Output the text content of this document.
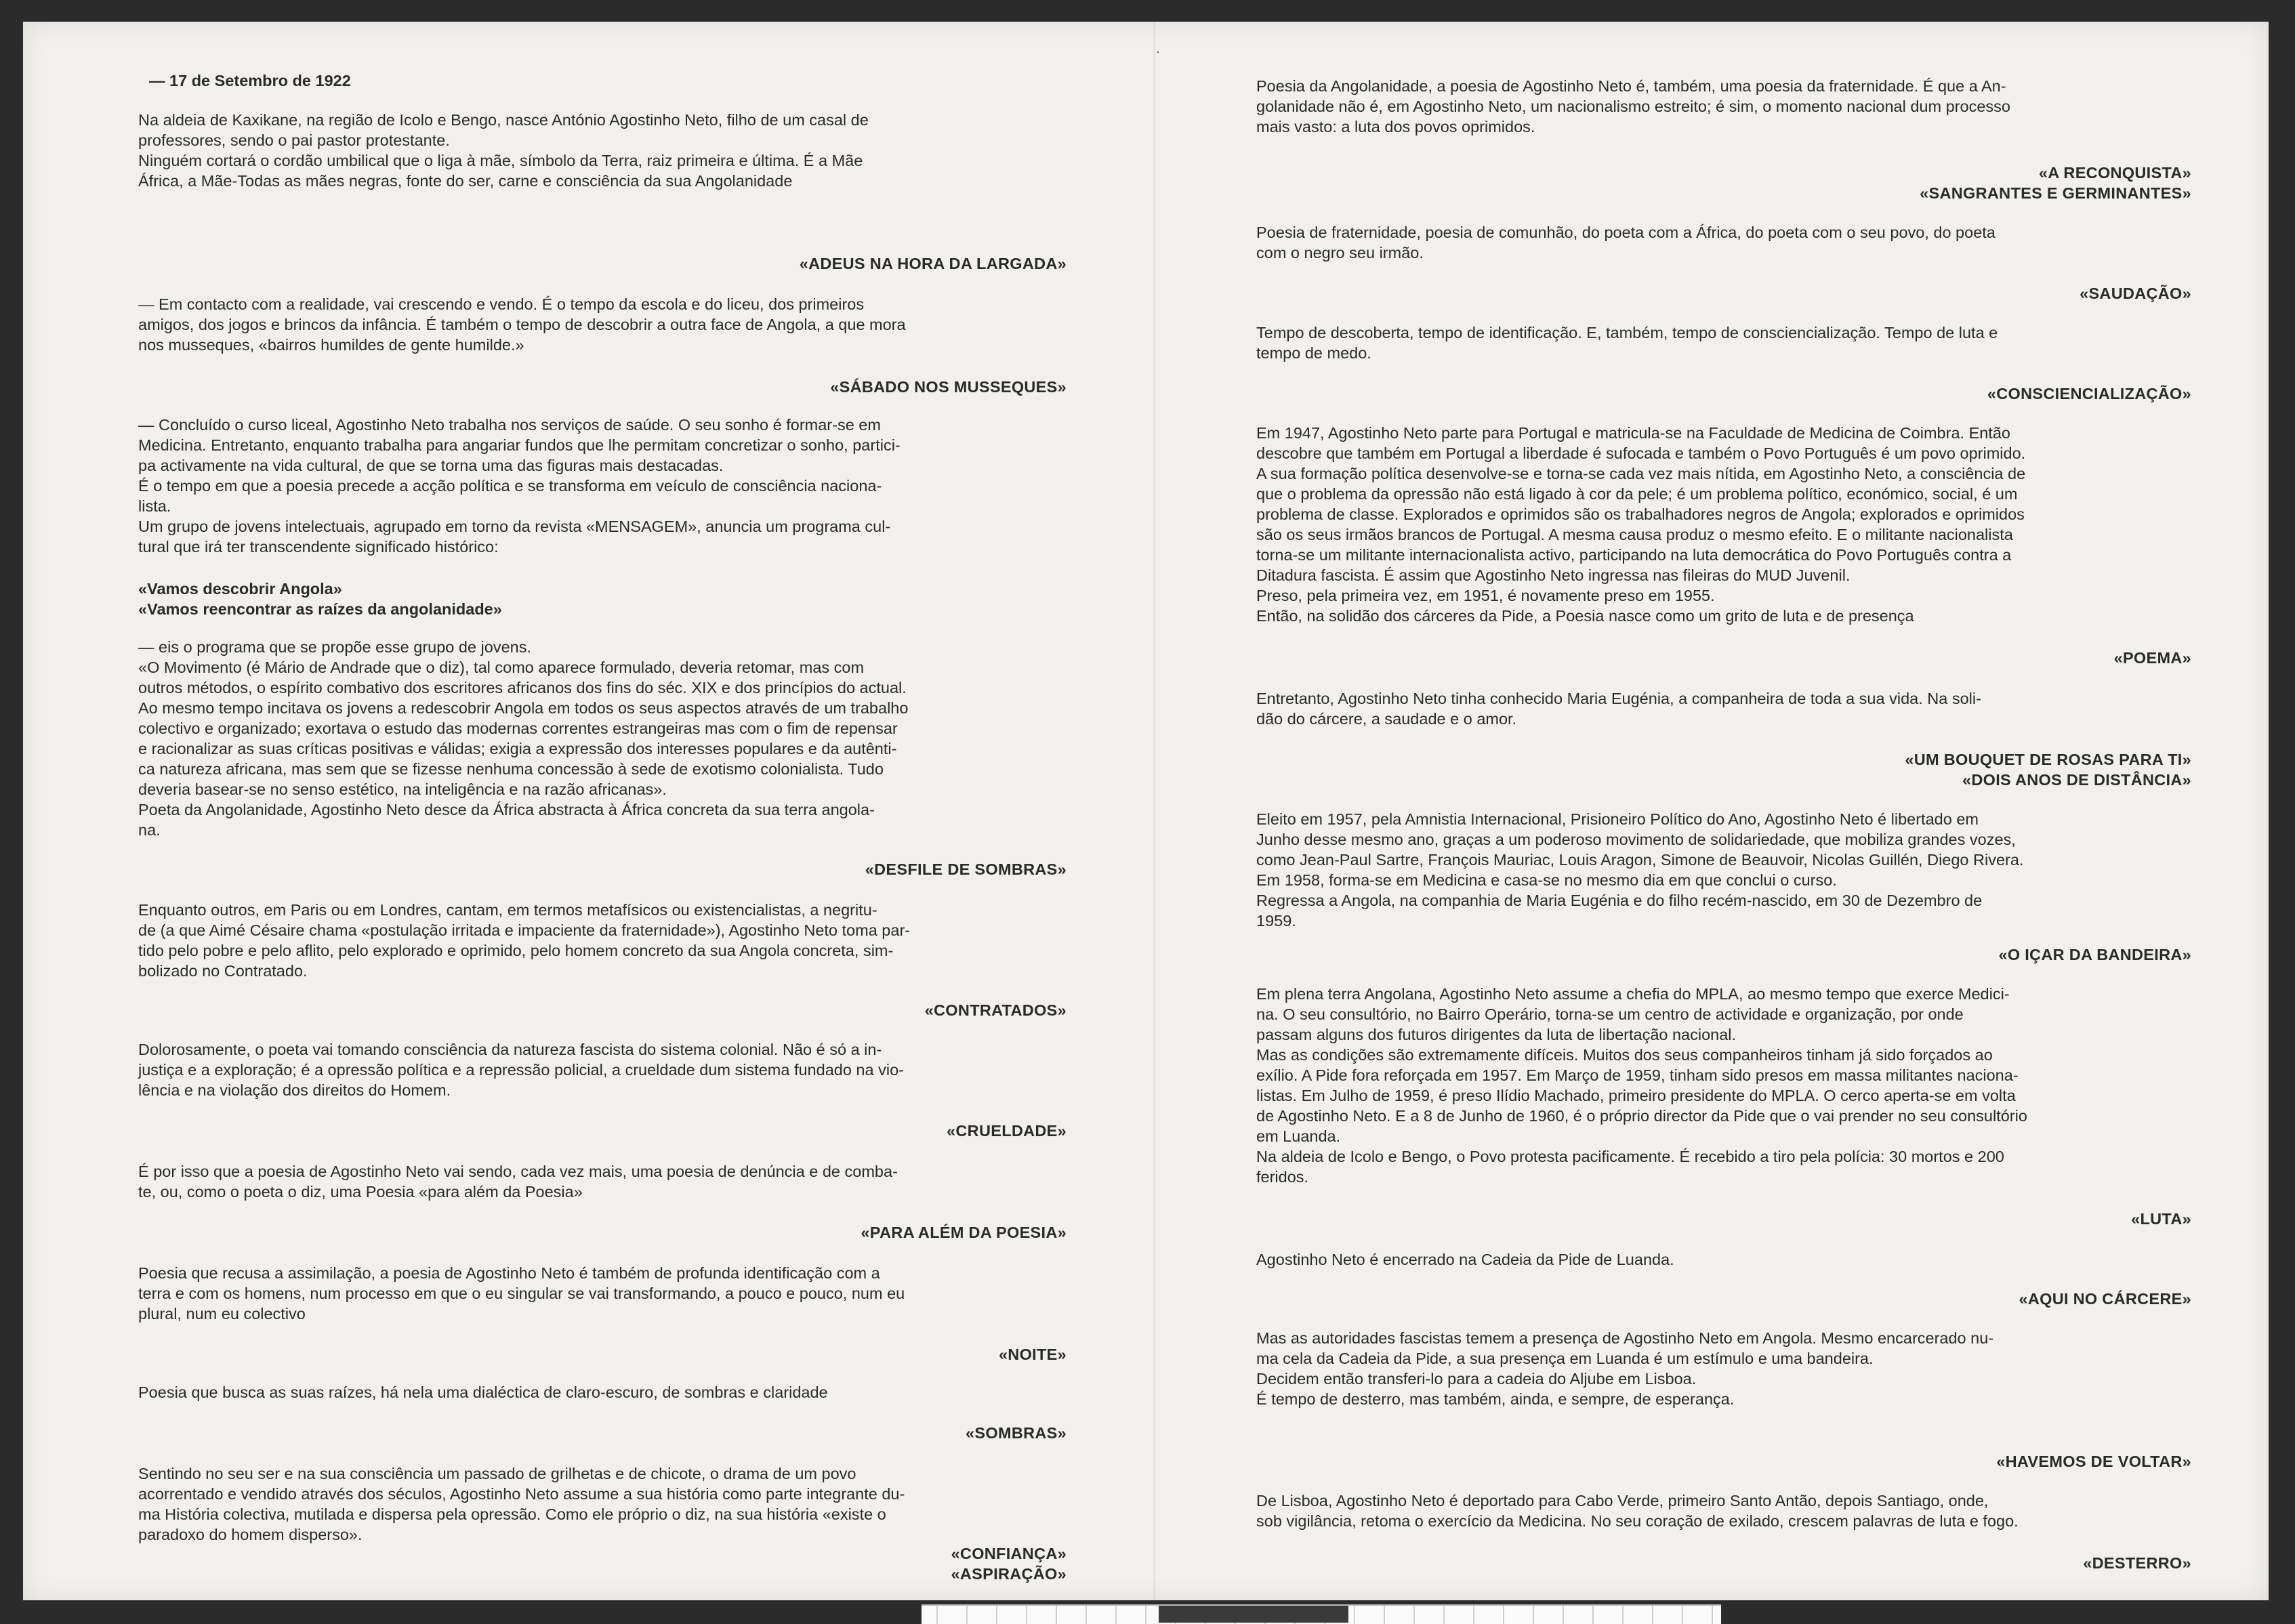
·
— 17 de Setembro de 1922
Na aldeia de Kaxikane, na região de Icolo e Bengo, nasce António Agostinho Neto, filho de um casal de
professores, sendo o pai pastor protestante.
Ninguém cortará o cordão umbilical que o liga à mãe, símbolo da Terra, raiz primeira e última. É a Mãe
África, a Mãe-Todas as mães negras, fonte do ser, carne e consciência da sua Angolanidade
«ADEUS NA HORA DA LARGADA»
— Em contacto com a realidade, vai crescendo e vendo. É o tempo da escola e do liceu, dos primeiros
amigos, dos jogos e brincos da infância. É também o tempo de descobrir a outra face de Angola, a que mora
nos musseques, «bairros humildes de gente humilde.»
«SÁBADO NOS MUSSEQUES»
— Concluído o curso liceal, Agostinho Neto trabalha nos serviços de saúde. O seu sonho é formar-se em
Medicina. Entretanto, enquanto trabalha para angariar fundos que lhe permitam concretizar o sonho, partici-
pa activamente na vida cultural, de que se torna uma das figuras mais destacadas.
É o tempo em que a poesia precede a acção política e se transforma em veículo de consciência naciona-
lista.
Um grupo de jovens intelectuais, agrupado em torno da revista «MENSAGEM», anuncia um programa cul-
tural que irá ter transcendente significado histórico:
«Vamos descobrir Angola»
«Vamos reencontrar as raízes da angolanidade»
— eis o programa que se propõe esse grupo de jovens.
«O Movimento (é Mário de Andrade que o diz), tal como aparece formulado, deveria retomar, mas com
outros métodos, o espírito combativo dos escritores africanos dos fins do séc. XIX e dos princípios do actual.
Ao mesmo tempo incitava os jovens a redescobrir Angola em todos os seus aspectos através de um trabalho
colectivo e organizado; exortava o estudo das modernas correntes estrangeiras mas com o fim de repensar
e racionalizar as suas críticas positivas e válidas; exigia a expressão dos interesses populares e da autênti-
ca natureza africana, mas sem que se fizesse nenhuma concessão à sede de exotismo colonialista. Tudo
deveria basear-se no senso estético, na inteligência e na razão africanas».
Poeta da Angolanidade, Agostinho Neto desce da África abstracta à África concreta da sua terra angola-
na.
«DESFILE DE SOMBRAS»
Enquanto outros, em Paris ou em Londres, cantam, em termos metafísicos ou existencialistas, a negritu-
de (a que Aimé Césaire chama «postulação irritada e impaciente da fraternidade»), Agostinho Neto toma par-
tido pelo pobre e pelo aflito, pelo explorado e oprimido, pelo homem concreto da sua Angola concreta, sim-
bolizado no Contratado.
«CONTRATADOS»
Dolorosamente, o poeta vai tomando consciência da natureza fascista do sistema colonial. Não é só a in-
justiça e a exploração; é a opressão política e a repressão policial, a crueldade dum sistema fundado na vio-
lência e na violação dos direitos do Homem.
«CRUELDADE»
É por isso que a poesia de Agostinho Neto vai sendo, cada vez mais, uma poesia de denúncia e de comba-
te, ou, como o poeta o diz, uma Poesia «para além da Poesia»
«PARA ALÉM DA POESIA»
Poesia que recusa a assimilação, a poesia de Agostinho Neto é também de profunda identificação com a
terra e com os homens, num processo em que o eu singular se vai transformando, a pouco e pouco, num eu
plural, num eu colectivo
«NOITE»
Poesia que busca as suas raízes, há nela uma dialéctica de claro-escuro, de sombras e claridade
«SOMBRAS»
Sentindo no seu ser e na sua consciência um passado de grilhetas e de chicote, o drama de um povo
acorrentado e vendido através dos séculos, Agostinho Neto assume a sua história como parte integrante du-
ma História colectiva, mutilada e dispersa pela opressão. Como ele próprio o diz, na sua história «existe o
paradoxo do homem disperso».
«CONFIANÇA»
«ASPIRAÇÃO»
Poesia da Angolanidade, a poesia de Agostinho Neto é, também, uma poesia da fraternidade. É que a An-
golanidade não é, em Agostinho Neto, um nacionalismo estreito; é sim, o momento nacional dum processo
mais vasto: a luta dos povos oprimidos.
«A RECONQUISTA»
«SANGRANTES E GERMINANTES»
Poesia de fraternidade, poesia de comunhão, do poeta com a África, do poeta com o seu povo, do poeta
com o negro seu irmão.
«SAUDAÇÃO»
Tempo de descoberta, tempo de identificação. E, também, tempo de consciencialização. Tempo de luta e
tempo de medo.
«CONSCIENCIALIZAÇÃO»
Em 1947, Agostinho Neto parte para Portugal e matricula-se na Faculdade de Medicina de Coimbra. Então
descobre que também em Portugal a liberdade é sufocada e também o Povo Português é um povo oprimido.
A sua formação política desenvolve-se e torna-se cada vez mais nítida, em Agostinho Neto, a consciência de
que o problema da opressão não está ligado à cor da pele; é um problema político, económico, social, é um
problema de classe. Explorados e oprimidos são os trabalhadores negros de Angola; explorados e oprimidos
são os seus irmãos brancos de Portugal. A mesma causa produz o mesmo efeito. E o militante nacionalista
torna-se um militante internacionalista activo, participando na luta democrática do Povo Português contra a
Ditadura fascista. É assim que Agostinho Neto ingressa nas fileiras do MUD Juvenil.
Preso, pela primeira vez, em 1951, é novamente preso em 1955.
Então, na solidão dos cárceres da Pide, a Poesia nasce como um grito de luta e de presença
«POEMA»
Entretanto, Agostinho Neto tinha conhecido Maria Eugénia, a companheira de toda a sua vida. Na soli-
dão do cárcere, a saudade e o amor.
«UM BOUQUET DE ROSAS PARA TI»
«DOIS ANOS DE DISTÂNCIA»
Eleito em 1957, pela Amnistia Internacional, Prisioneiro Político do Ano, Agostinho Neto é libertado em
Junho desse mesmo ano, graças a um poderoso movimento de solidariedade, que mobiliza grandes vozes,
como Jean-Paul Sartre, François Mauriac, Louis Aragon, Simone de Beauvoir, Nicolas Guillén, Diego Rivera.
Em 1958, forma-se em Medicina e casa-se no mesmo dia em que conclui o curso.
Regressa a Angola, na companhia de Maria Eugénia e do filho recém-nascido, em 30 de Dezembro de
1959.
«O IÇAR DA BANDEIRA»
Em plena terra Angolana, Agostinho Neto assume a chefia do MPLA, ao mesmo tempo que exerce Medici-
na. O seu consultório, no Bairro Operário, torna-se um centro de actividade e organização, por onde
passam alguns dos futuros dirigentes da luta de libertação nacional.
Mas as condições são extremamente difíceis. Muitos dos seus companheiros tinham já sido forçados ao
exílio. A Pide fora reforçada em 1957. Em Março de 1959, tinham sido presos em massa militantes naciona-
listas. Em Julho de 1959, é preso Ilídio Machado, primeiro presidente do MPLA. O cerco aperta-se em volta
de Agostinho Neto. E a 8 de Junho de 1960, é o próprio director da Pide que o vai prender no seu consultório
em Luanda.
Na aldeia de Icolo e Bengo, o Povo protesta pacificamente. É recebido a tiro pela polícia: 30 mortos e 200
feridos.
«LUTA»
Agostinho Neto é encerrado na Cadeia da Pide de Luanda.
«AQUI NO CÁRCERE»
Mas as autoridades fascistas temem a presença de Agostinho Neto em Angola. Mesmo encarcerado nu-
ma cela da Cadeia da Pide, a sua presença em Luanda é um estímulo e uma bandeira.
Decidem então transferi-lo para a cadeia do Aljube em Lisboa.
É tempo de desterro, mas também, ainda, e sempre, de esperança.
«HAVEMOS DE VOLTAR»
De Lisboa, Agostinho Neto é deportado para Cabo Verde, primeiro Santo Antão, depois Santiago, onde,
sob vigilância, retoma o exercício da Medicina. No seu coração de exilado, crescem palavras de luta e fogo.
«DESTERRO»
